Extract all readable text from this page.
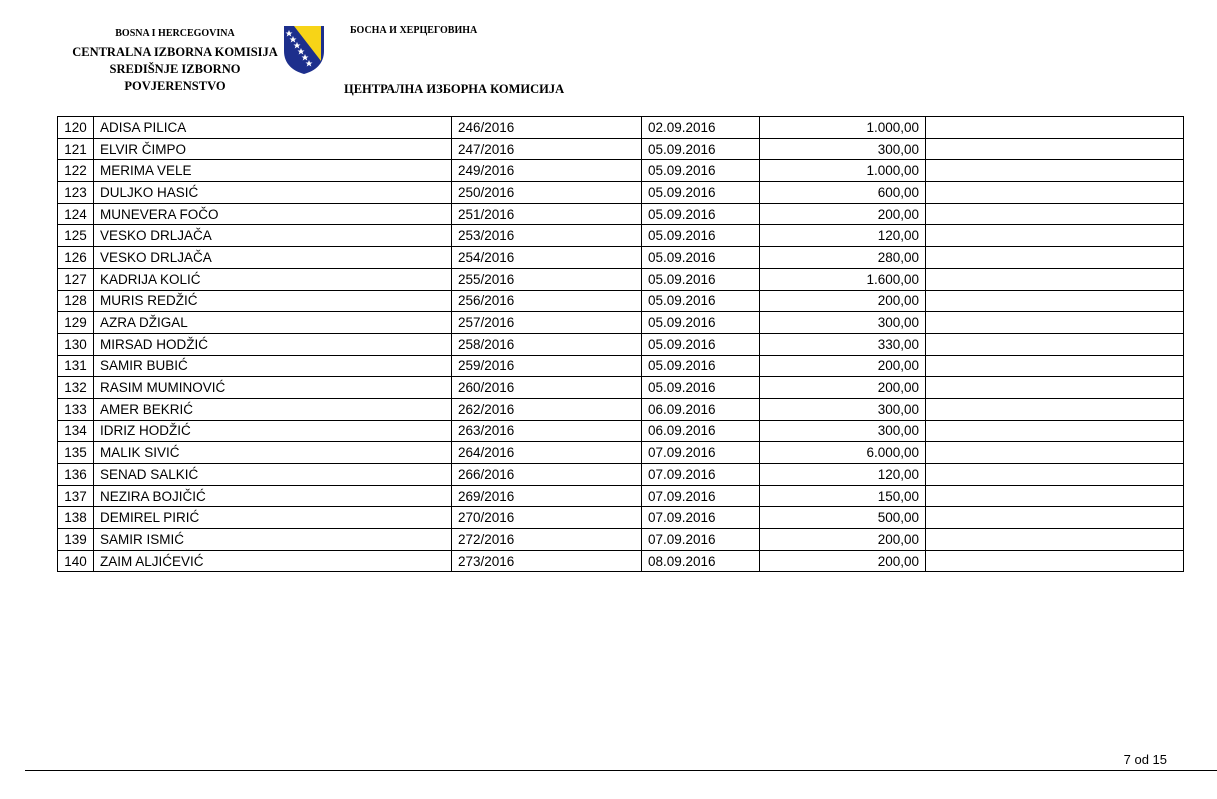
BOSNA I HERCEGOVINA
CENTRALNA IZBORNA KOMISIJA
SREDIŠNJE IZBORNO POVJERENSTVO
БОСНА И ХЕРЦЕГОВИНА
ЦЕНТРАЛНА ИЗБОРНА КОМИСИЈА
120	ADISA PILICA	246/2016	02.09.2016	1.000,00	
121	ELVIR ČIMPO	247/2016	05.09.2016	300,00	
122	MERIMA VELE	249/2016	05.09.2016	1.000,00	
123	DULJKO HASIĆ	250/2016	05.09.2016	600,00	
124	MUNEVERA FOČO	251/2016	05.09.2016	200,00	
125	VESKO DRLJAČA	253/2016	05.09.2016	120,00	
126	VESKO DRLJAČA	254/2016	05.09.2016	280,00	
127	KADRIJA KOLIĆ	255/2016	05.09.2016	1.600,00	
128	MURIS REDŽIĆ	256/2016	05.09.2016	200,00	
129	AZRA DŽIGAL	257/2016	05.09.2016	300,00	
130	MIRSAD HODŽIĆ	258/2016	05.09.2016	330,00	
131	SAMIR BUBIĆ	259/2016	05.09.2016	200,00	
132	RASIM MUMINOVIĆ	260/2016	05.09.2016	200,00	
133	AMER BEKRIĆ	262/2016	06.09.2016	300,00	
134	IDRIZ HODŽIĆ	263/2016	06.09.2016	300,00	
135	MALIK SIVIĆ	264/2016	07.09.2016	6.000,00	
136	SENAD SALKIĆ	266/2016	07.09.2016	120,00	
137	NEZIRA BOJIČIĆ	269/2016	07.09.2016	150,00	
138	DEMIREL PIRIĆ	270/2016	07.09.2016	500,00	
139	SAMIR ISMIĆ	272/2016	07.09.2016	200,00	
140	ZAIM ALJIĆEVIĆ	273/2016	08.09.2016	200,00	
7 od 15
